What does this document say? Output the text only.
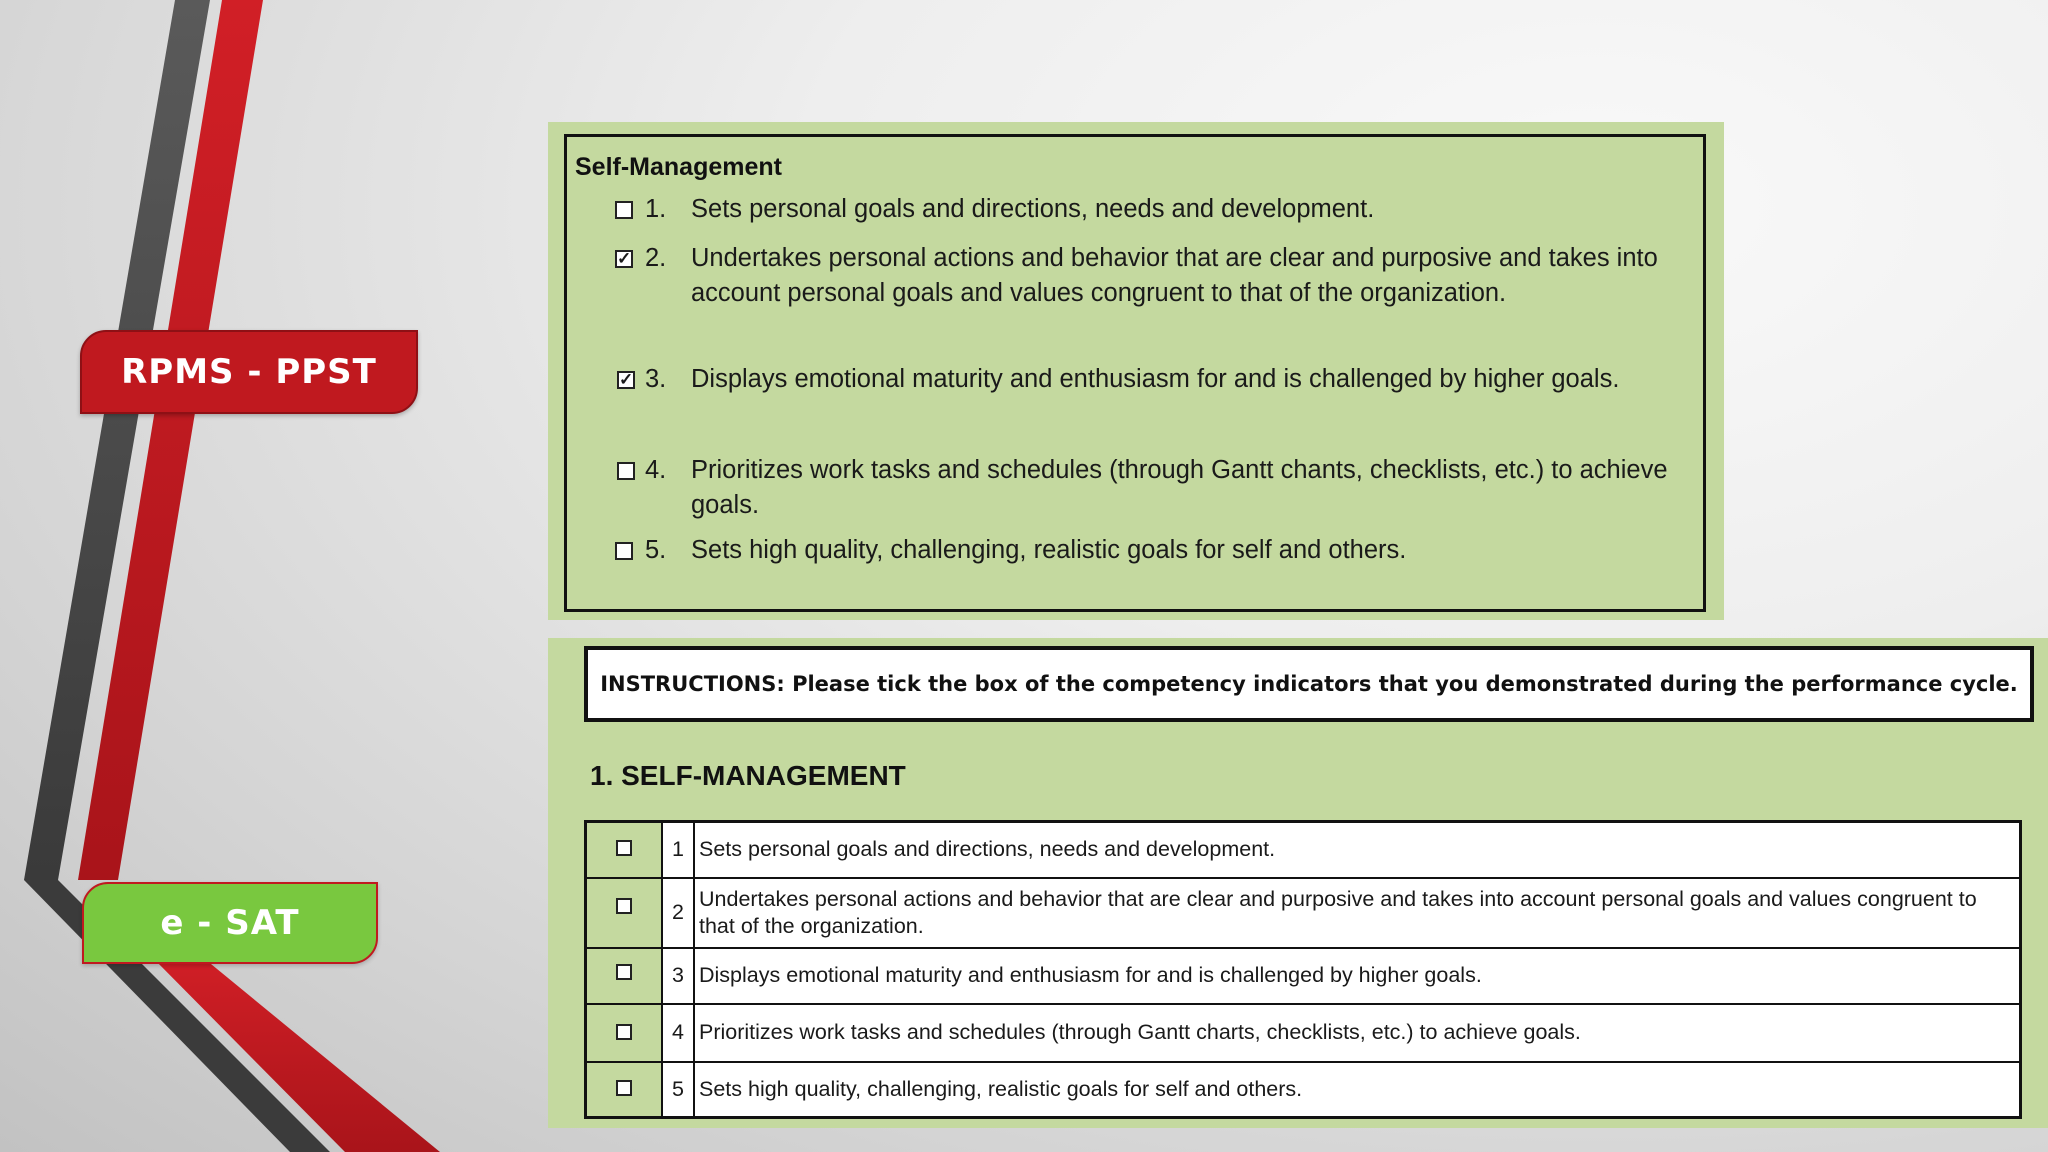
RPMS - PPST
e - SAT
Self-Management
1. Sets personal goals and directions, needs and development.
✓ 2. Undertakes personal actions and behavior that are clear and purposive and takes into account personal goals and values congruent to that of the organization.
✓ 3. Displays emotional maturity and enthusiasm for and is challenged by higher goals.
4. Prioritizes work tasks and schedules (through Gantt chants, checklists, etc.) to achieve goals.
5. Sets high quality, challenging, realistic goals for self and others.
INSTRUCTIONS: Please tick the box of the competency indicators that you demonstrated during the performance cycle.
1. SELF-MANAGEMENT
	1	Sets personal goals and directions, needs and development.
	2	Undertakes personal actions and behavior that are clear and purposive and takes into account personal goals and values congruent to that of the organization.
	3	Displays emotional maturity and enthusiasm for and is challenged by higher goals.
	4	Prioritizes work tasks and schedules (through Gantt charts, checklists, etc.) to achieve goals.
	5	Sets high quality, challenging, realistic goals for self and others.
